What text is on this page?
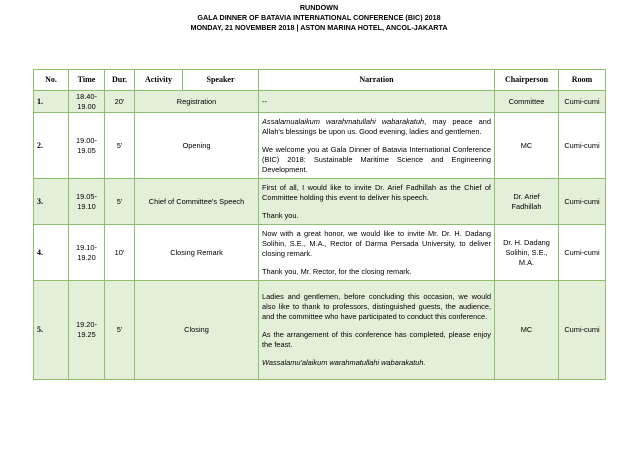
RUNDOWN
GALA DINNER OF BATAVIA INTERNATIONAL CONFERENCE (BIC) 2018
MONDAY, 21 NOVEMBER 2018 | ASTON MARINA HOTEL, ANCOL-JAKARTA
No.	Time	Dur.	Activity	Speaker	Narration	Chairperson	Room
1.	18.40-19.00	20'	Registration		--	Committee	Cumi-cumi
2.	19.00-19.05	5'	Opening		Assalamualaikum warahmatullahi wabarakatuh, may peace and Allah's blessings be upon us. Good evening, ladies and gentlemen.

We welcome you at Gala Dinner of Batavia International Conference (BIC) 2018: Sustainable Maritime Science and Engineering Development.	MC	Cumi-cumi
3.	19.05-19.10	5'	Chief of Committee's Speech		First of all, I would like to invite Dr. Arief Fadhillah as the Chief of Committee holding this event to deliver his speech.

Thank you.	Dr. Arief Fadhillah	Cumi-cumi
4.	19.10-19.20	10'	Closing Remark		Now with a great honor, we would like to invite Mr. Dr. H. Dadang Solihin, S.E., M.A., Rector of Darma Persada University, to deliver closing remark.

Thank you, Mr. Rector, for the closing remark.	Dr. H. Dadang Solihin, S.E., M.A.	Cumi-cumi
5.	19.20-19.25	5'	Closing		Ladies and gentlemen, before concluding this occasion, we would also like to thank to professors, distinguished guests, the audience, and the committee who have participated to conduct this conference.

As the arrangement of this conference has completed, please enjoy the feast.

Wassalamu'alaikum warahmatullahi wabarakatuh.	MC	Cumi-cumi
